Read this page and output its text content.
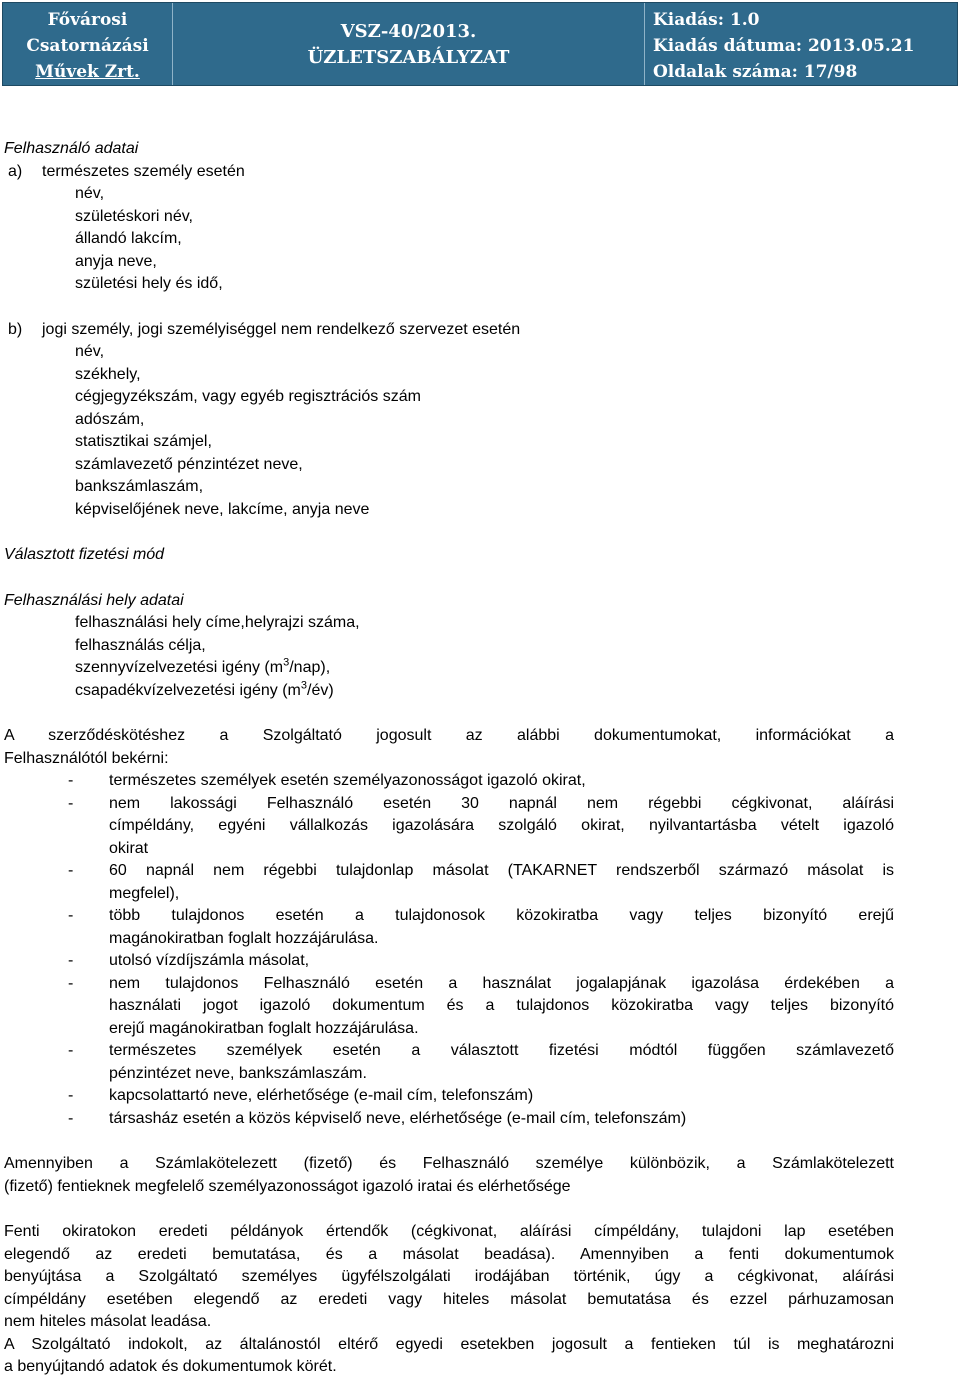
Fővárosi
Csatornázási
Művek Zrt.
VSZ-40/2013.
ÜZLETSZABÁLYZAT
Kiadás: 1.0
Kiadás dátuma: 2013.05.21
Oldalak száma: 17/98

Felhasználó adatai

a) természetes személy esetén

név,

születéskori név,

állandó lakcím,

anyja neve,

születési hely és idő,

b) jogi személy, jogi személyiséggel nem rendelkező szervezet esetén

név,

székhely,

cégjegyzékszám, vagy egyéb regisztrációs szám

adószám,

statisztikai számjel,

számlavezető pénzintézet neve,

bankszámlaszám,

képviselőjének neve, lakcíme, anyja neve

Választott fizetési mód

Felhasználási hely adatai

felhasználási hely címe,helyrajzi száma,

felhasználás célja,

szennyvízelvezetési igény $(m^3/nap)$,

csapadékvízelvezetési igény $(m^3/év)$

A szerződéskötéshez a Szolgáltató jogosult az alábbi dokumentumokat, információkat a

Felhasználótól bekérni:

- természetes személyek esetén személyazonosságot igazoló okirat,
- nem lakossági Felhasználó esetén 30 napnál nem régebbi cégkivonat, aláírási
címpéldány, egyéni vállalkozás igazolására szolgáló okirat, nyilvantartásba vételt igazoló
okirat
- 60 napnál nem régebbi tulajdonlap másolat (TAKARNET rendszerből származó másolat is
megfelel),
- több tulajdonos esetén a tulajdonosok közokiratba vagy teljes bizonyító erejű
magánokiratban foglalt hozzájárulása.
- utolsó vízdíjszámla másolat,
- nem tulajdonos Felhasználó esetén a használat jogalapjának igazolása érdekében a
használati jogot igazoló dokumentum és a tulajdonos közokiratba vagy teljes bizonyító
erejű magánokiratban foglalt hozzájárulása.
- természetes személyek esetén a választott fizetési módtól függően számlavezető
pénzintézet neve, bankszámlaszám.
- kapcsolattartó neve, elérhetősége (e-mail cím, telefonszám)
- társasház esetén a közös képviselő neve, elérhetősége (e-mail cím, telefonszám)
Amennyiben a Számlakötelezett (fizető) és Felhasználó személye különbözik, a Számlakötelezett
(fizető) fentieknek megfelelő személyazonosságot igazoló iratai és elérhetősége
Fenti okiratokon eredeti példányok értendők (cégkivonat, aláírási címpéldány, tulajdoni lap esetében
elegendő az eredeti bemutatása, és a másolat beadása). Amennyiben a fenti dokumentumok
benyújtása a Szolgáltató személyes ügyfélszolgálati irodájában történik, úgy a cégkivonat, aláírási
címpéldány esetében elegendő az eredeti vagy hiteles másolat bemutatása és ezzel párhuzamosan
nem hiteles másolat leadása.
A Szolgáltató indokolt, az általánostól eltérő egyedi esetekben jogosult a fentieken túl is meghatározni
a benyújtandó adatok és dokumentumok körét.
